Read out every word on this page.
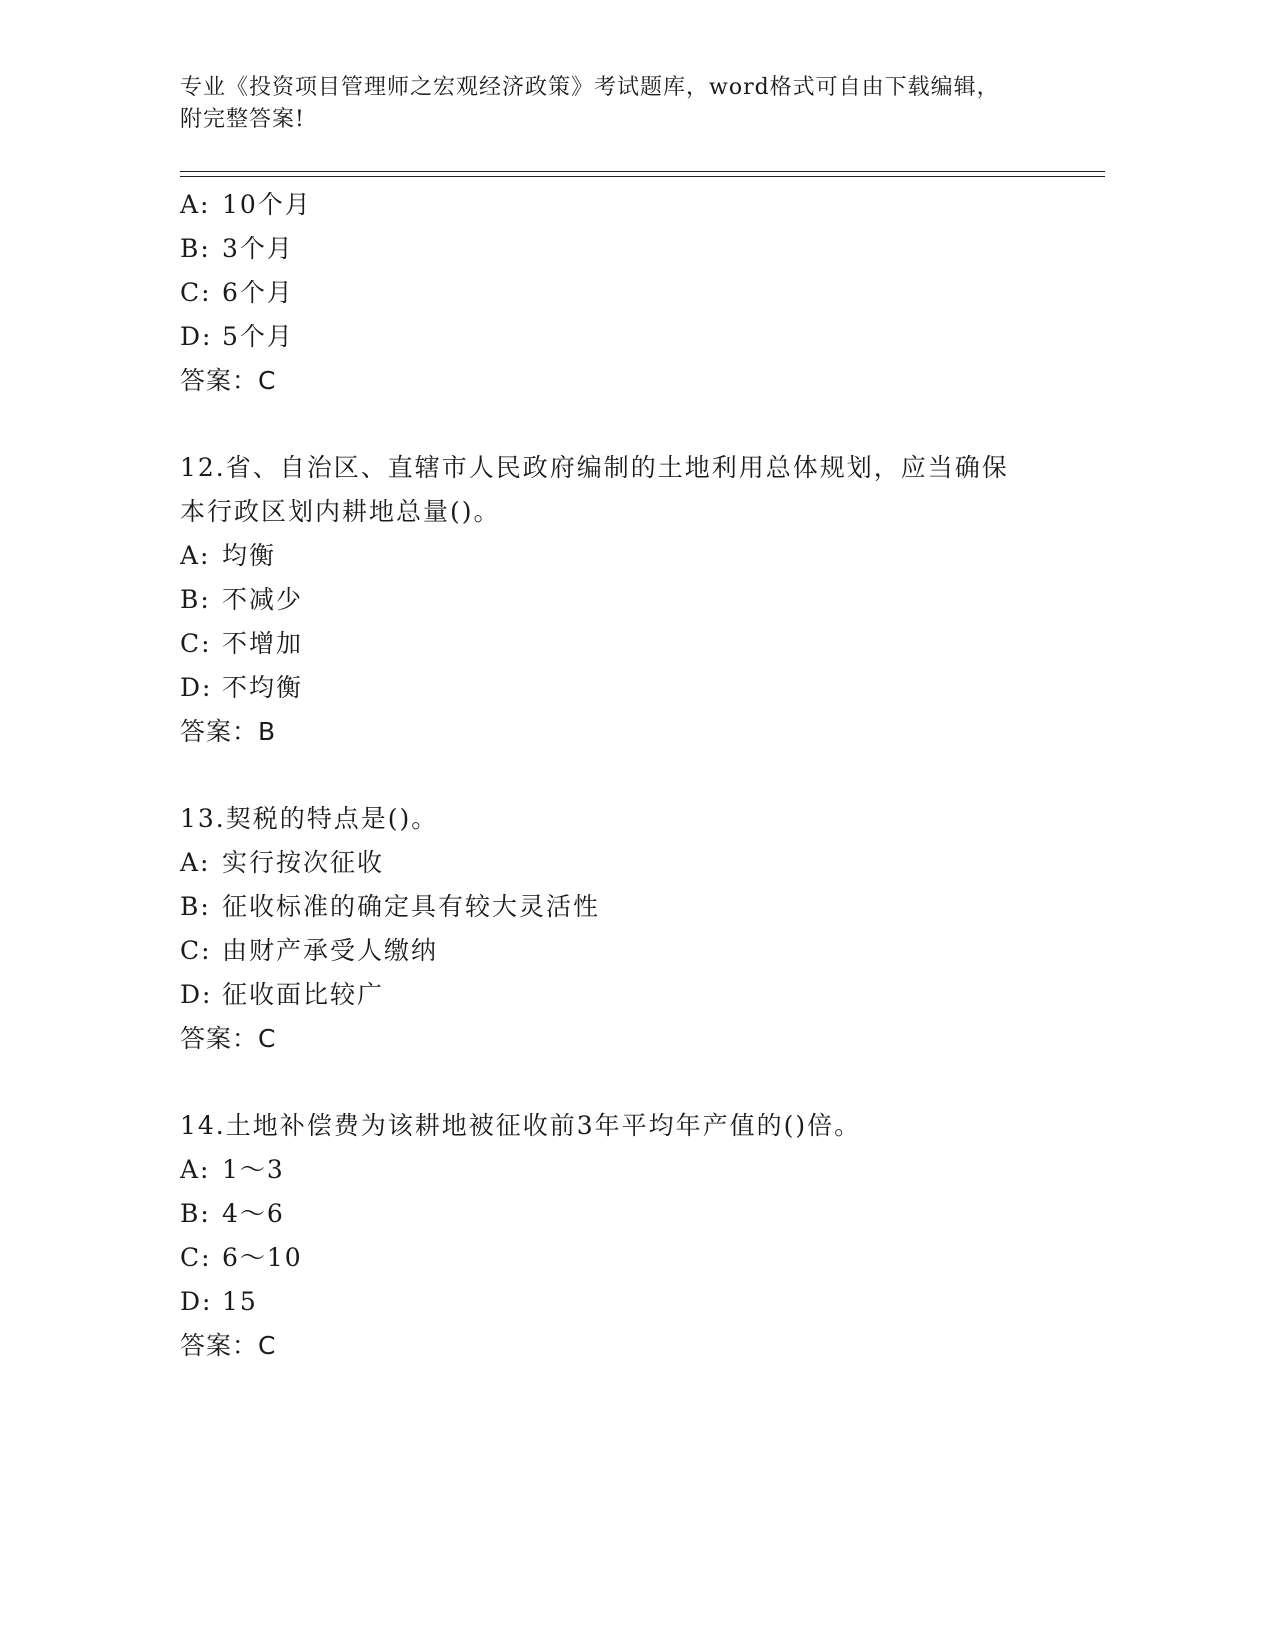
专业《投资项目管理师之宏观经济政策》考试题库，word格式可自由下载编辑，
附完整答案!
A: 10个月
B: 3个月
C: 6个月
D: 5个月
答案：C
12.省、自治区、直辖市人民政府编制的土地利用总体规划，应当确保
本行政区划内耕地总量()。
A: 均衡
B: 不减少
C: 不增加
D: 不均衡
答案：B
13.契税的特点是()。
A: 实行按次征收
B: 征收标准的确定具有较大灵活性
C: 由财产承受人缴纳
D: 征收面比较广
答案：C
14.土地补偿费为该耕地被征收前3年平均年产值的()倍。
A: 1～3
B: 4～6
C: 6～10
D: 15
答案：C
